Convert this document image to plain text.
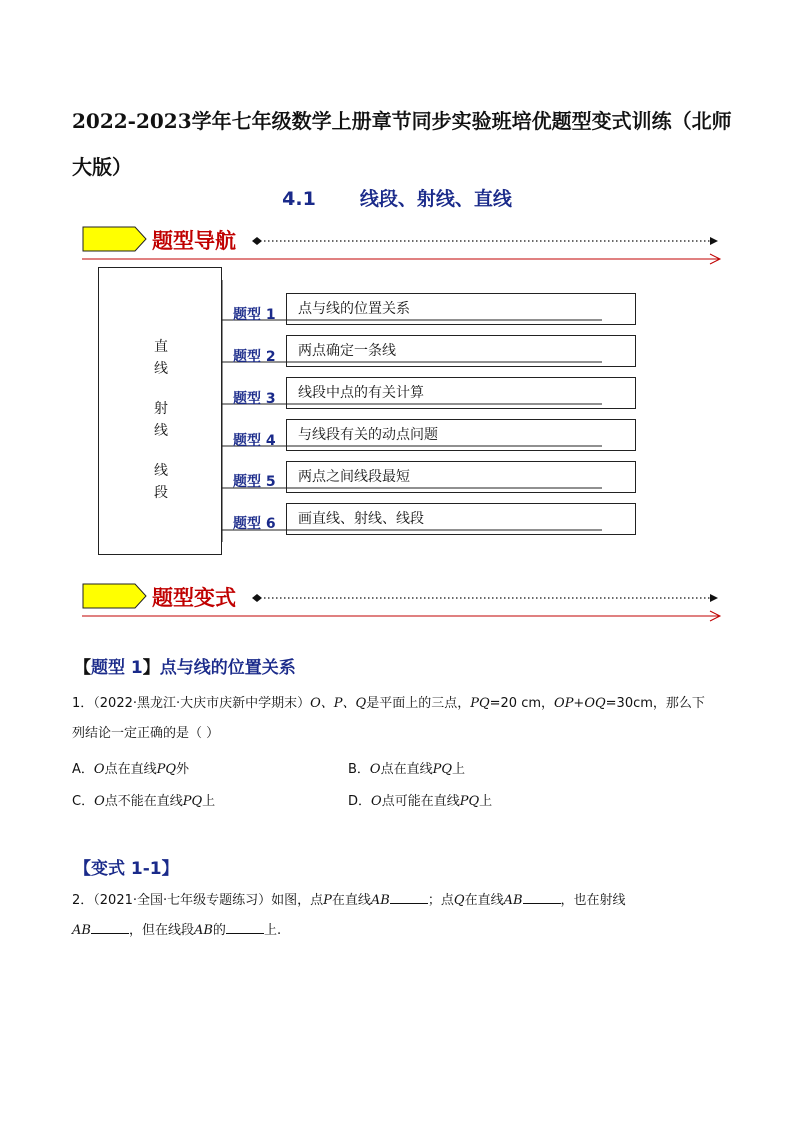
2022-2023学年七年级数学上册章节同步实验班培优题型变式训练（北师大版）
4.1 线段、射线、直线
题型导航
直
线
射
线
线
段
题型 1	点与线的位置关系
题型 2	两点确定一条线
题型 3	线段中点的有关计算
题型 4	与线段有关的动点问题
题型 5	两点之间线段最短
题型 6	画直线、射线、线段
题型变式
【题型 1】点与线的位置关系
1．（2022·黑龙江·大庆市庆新中学期末）O、P、Q是平面上的三点，PQ=20 cm，OP+OQ=30cm，那么下
列结论一定正确的是（ ）
A．O点在直线PQ外	B．O点在直线PQ上
C．O点不能在直线PQ上	D．O点可能在直线PQ上
【变式 1-1】
2．（2021·全国·七年级专题练习）如图，点P在直线AB	；点Q在直线AB	，也在射线
AB	，但在线段AB的	上.
